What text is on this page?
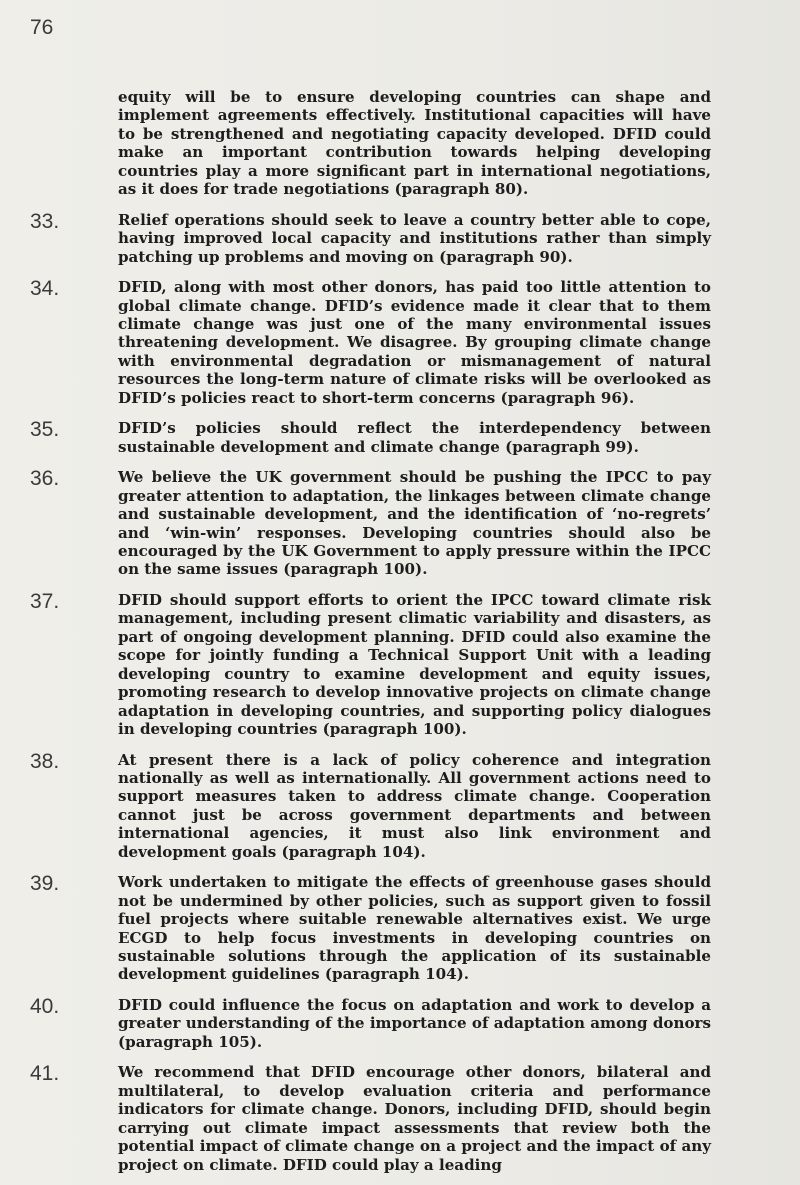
76
equity will be to ensure developing countries can shape and implement agreements effectively. Institutional capacities will have to be strengthened and negotiating capacity developed. DFID could make an important contribution towards helping developing countries play a more significant part in international negotiations, as it does for trade negotiations (paragraph 80).
33.	Relief operations should seek to leave a country better able to cope, having improved local capacity and institutions rather than simply patching up problems and moving on (paragraph 90).
34.	DFID, along with most other donors, has paid too little attention to global climate change. DFID’s evidence made it clear that to them climate change was just one of the many environmental issues threatening development. We disagree. By grouping climate change with environmental degradation or mismanagement of natural resources the long-term nature of climate risks will be overlooked as DFID’s policies react to short-term concerns (paragraph 96).
35.	DFID’s policies should reflect the interdependency between sustainable development and climate change (paragraph 99).
36.	We believe the UK government should be pushing the IPCC to pay greater attention to adaptation, the linkages between climate change and sustainable development, and the identification of ‘no-regrets’ and ‘win-win’ responses. Developing countries should also be encouraged by the UK Government to apply pressure within the IPCC on the same issues (paragraph 100).
37.	DFID should support efforts to orient the IPCC toward climate risk management, including present climatic variability and disasters, as part of ongoing development planning. DFID could also examine the scope for jointly funding a Technical Support Unit with a leading developing country to examine development and equity issues, promoting research to develop innovative projects on climate change adaptation in developing countries, and supporting policy dialogues in developing countries (paragraph 100).
38.	At present there is a lack of policy coherence and integration nationally as well as internationally. All government actions need to support measures taken to address climate change. Cooperation cannot just be across government departments and between international agencies, it must also link environment and development goals (paragraph 104).
39.	Work undertaken to mitigate the effects of greenhouse gases should not be undermined by other policies, such as support given to fossil fuel projects where suitable renewable alternatives exist. We urge ECGD to help focus investments in developing countries on sustainable solutions through the application of its sustainable development guidelines (paragraph 104).
40.	DFID could influence the focus on adaptation and work to develop a greater understanding of the importance of adaptation among donors (paragraph 105).
41.	We recommend that DFID encourage other donors, bilateral and multilateral, to develop evaluation criteria and performance indicators for climate change. Donors, including DFID, should begin carrying out climate impact assessments that review both the potential impact of climate change on a project and the impact of any project on climate. DFID could play a leading
